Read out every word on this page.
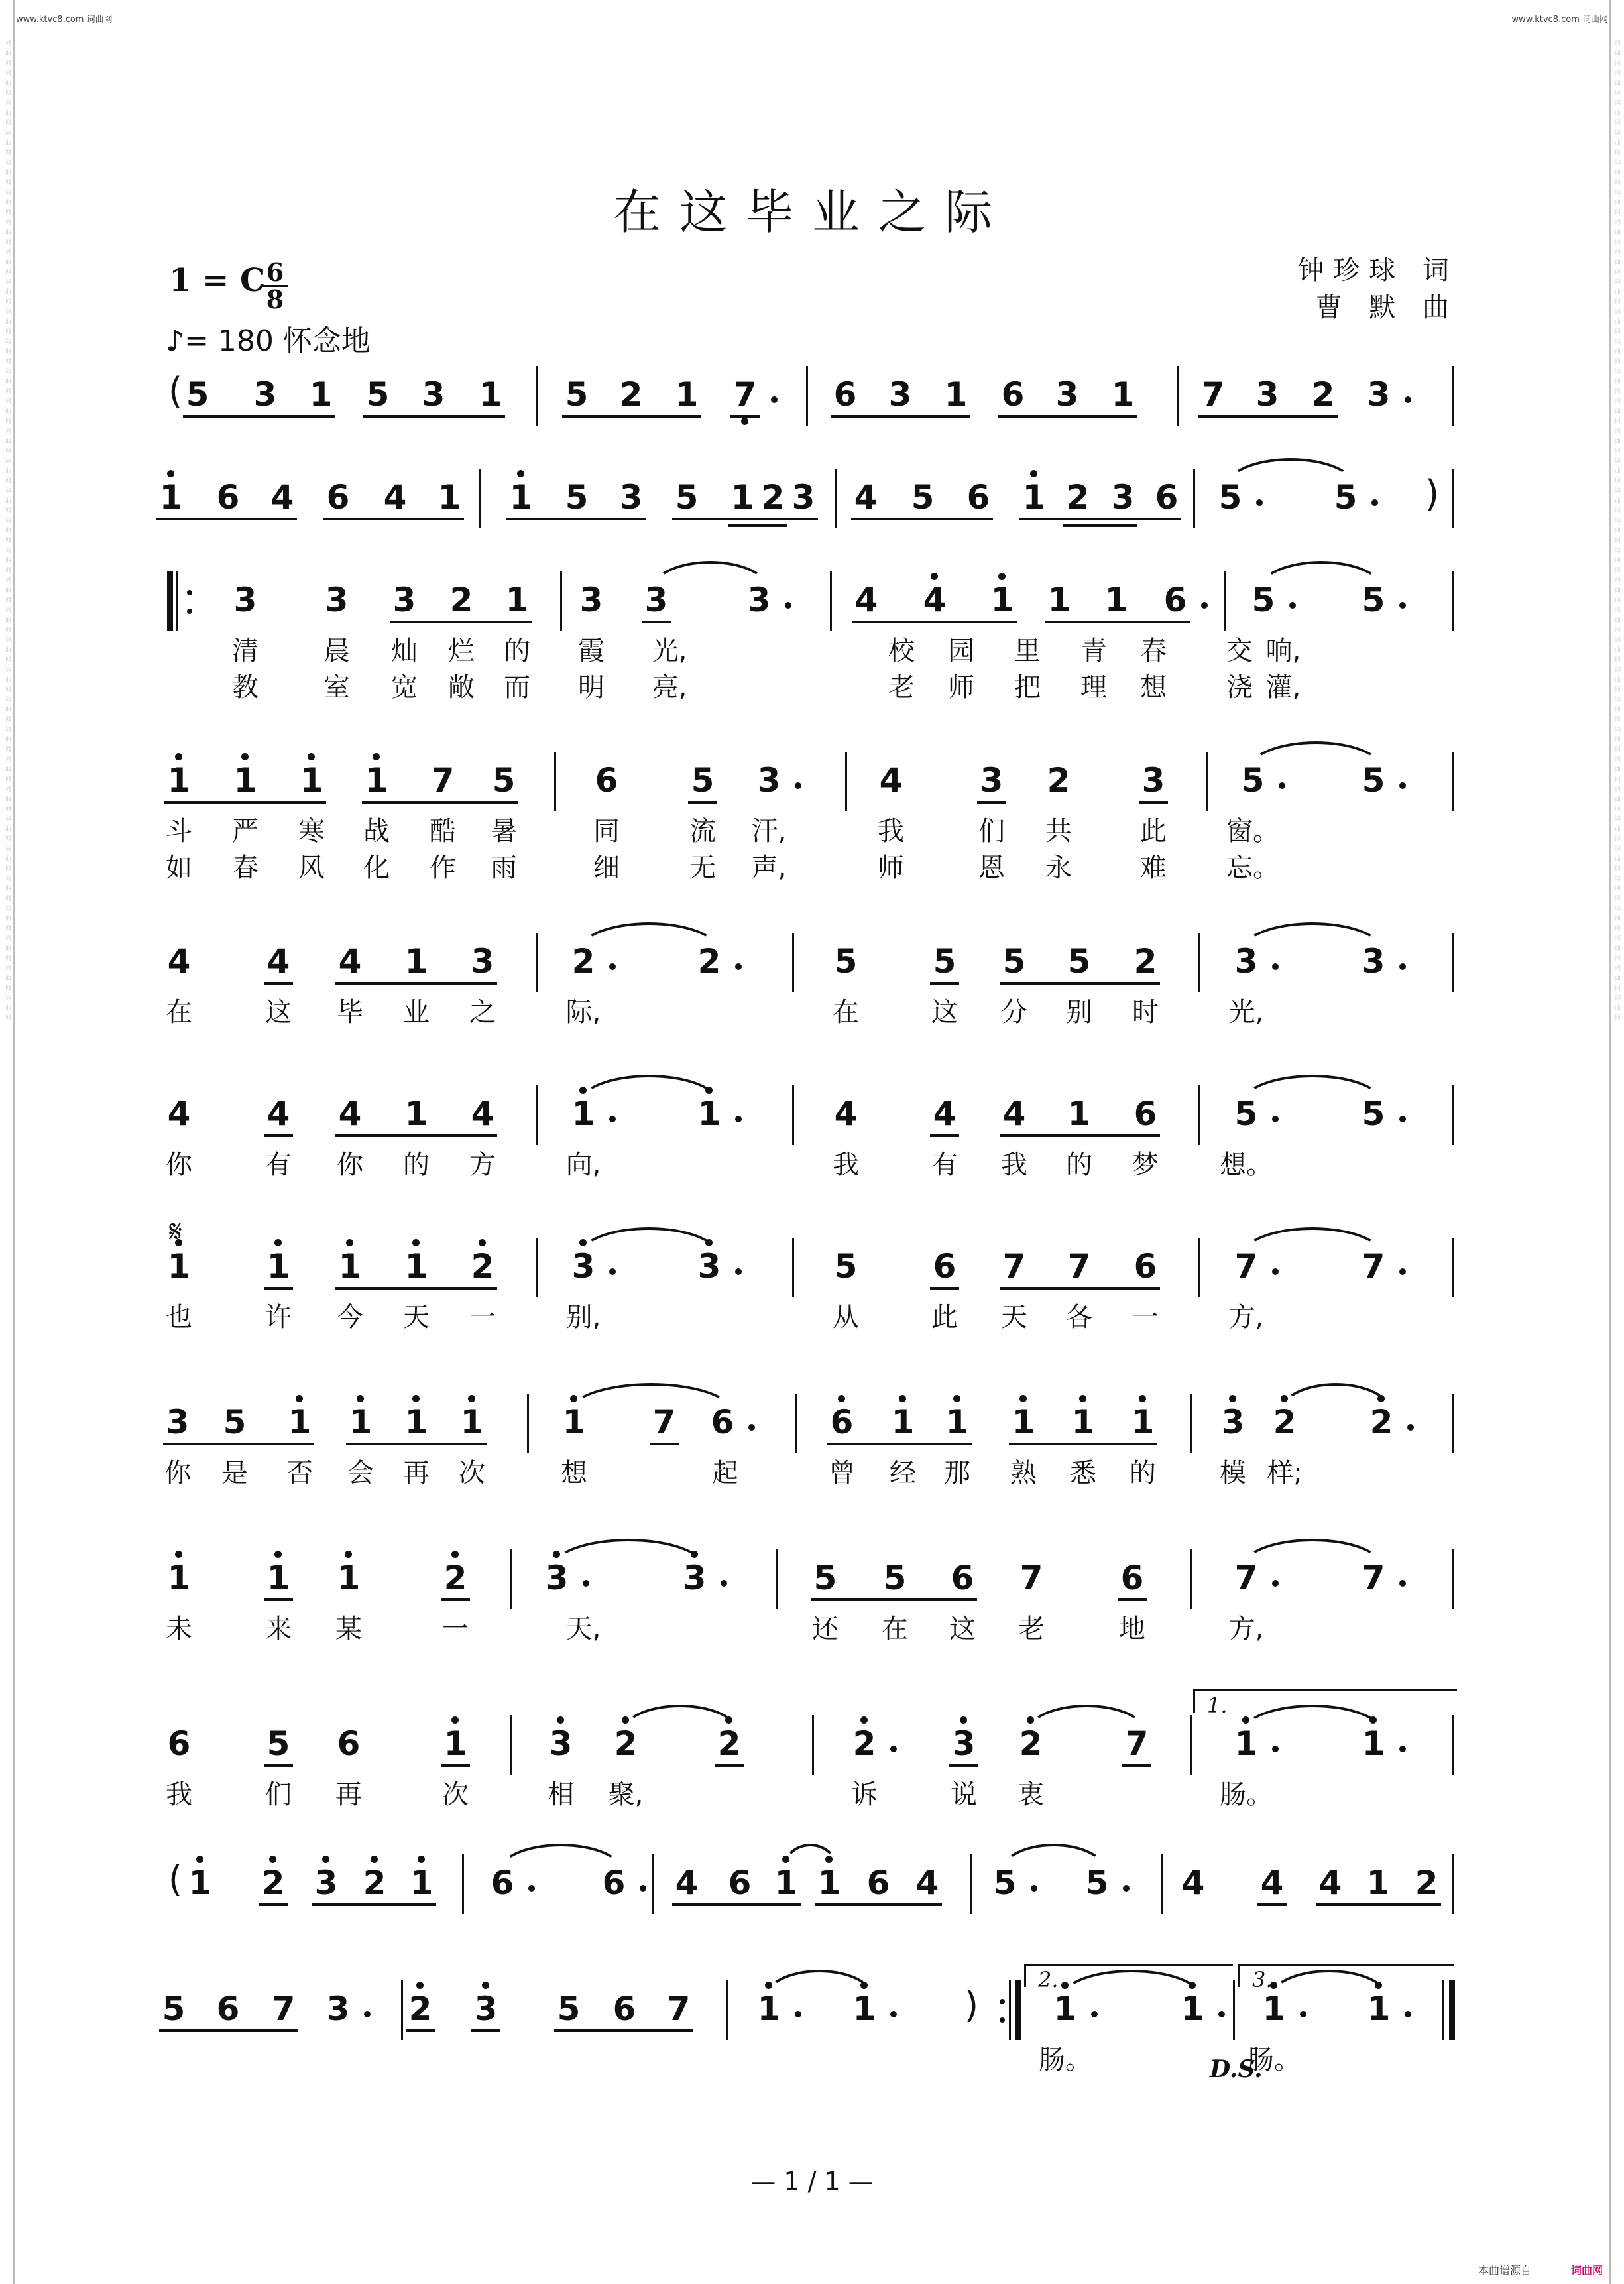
www.ktvc8.com 词曲网	www.ktvc8.com 词曲网
词曲网词曲网词曲网词曲网词曲网词曲网词曲网词曲网词曲网词曲网词曲网词曲网词曲网词曲网词曲网词曲网词曲网词曲网词曲网词曲网词曲网词曲网词曲网词曲网词曲网词曲网词曲网词曲网词曲网词曲网词曲网词曲网词曲网	词曲网词曲网词曲网词曲网词曲网词曲网词曲网词曲网词曲网词曲网词曲网词曲网词曲网词曲网词曲网词曲网词曲网词曲网词曲网词曲网词曲网词曲网词曲网词曲网词曲网词曲网词曲网词曲网词曲网词曲网词曲网词曲网词曲网
在这毕业之际
1 = C
$\frac{6}{8}$
♪= 180 怀念地
钟珍球 词
曹 默 曲
5 3 1 5 3 1 5 2 1 7 6 3 1 6 3 1 7 3 2 3
1 6 4 6 4 1 1 5 3 5 1 2 3 4 5 6 1 2 3 6 5	5
3 3 3 2 1 3 3 3	4 4 1 1 1 6 5	5
清	晨	灿	烂	的	霞	光,	校	园	里	青	春	交 响,
教	室	宽	敞	而	明	亮,	老	师	把	理	想	浇 灌,
1 1 1 1 7 5 6 5 3	4 3 2 3 5	5
斗	严	寒	战	酷	暑	同	流	汗,	我	们	共	此	窗。
如	春	风	化	作	雨	细	无	声,	师	恩	永	难	忘。
4 4 4 1 3 2	2	5 5 5 5 2 3	3
在	这	毕	业	之	际,	在	这	分	别	时	光,
4 4 4 1 4 1	1	4 4 4 1 6 5	5
你	有	你	的	方	向,	我	有	我	的	梦	想。
1 1 1 1 2 3	3	5 6 7 7 6 7	7
也	许	今	天	一	别,	从	此	天	各	一	方,
3 5 1 1 1 1 1 7 6	6 1 1 1 1 1 3 2 2
你	是	否	会	再	次	想	起	曾	经	那	熟	悉	的	模 样;
1 1 1	2 3	3	5 5 6 7 6	7	7
未	来	某	一	天,	还	在	这	老	地	方,
6 5 6	1 3 2 2	2 3 2	7	1	1
我	们	再	次	相	聚,	诉	说	衷	肠。
1 2 3 2 1 6	6 4 6 1 1 6 4 5 5 4 4 4 1 2
5 6 7 3 2 3 5 6 7 1 1	1	1 1 1
肠。	肠。
(
)
(
)
𝄋
1.
2.	3.
D.S.
— 1 / 1 —
本曲谱源自	词曲网
